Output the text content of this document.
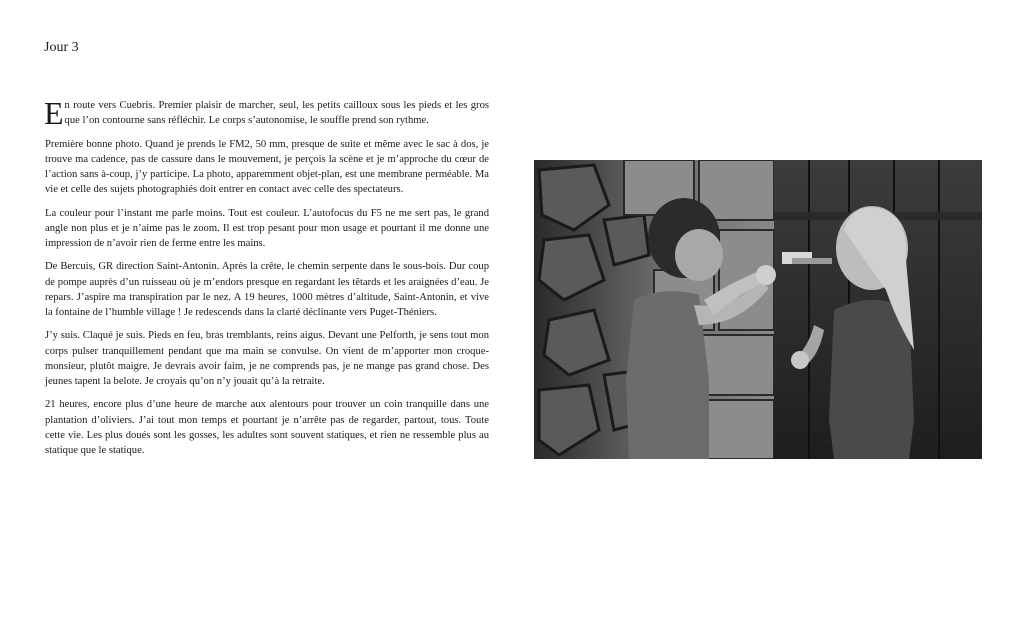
Jour 3

En route vers Cuebris. Premier plaisir de marcher, seul, les petits cailloux sous les pieds et les gros que l’on contourne sans réfléchir. Le corps s’autonomise, le souffle prend son rythme.

Première bonne photo. Quand je prends le FM2, 50 mm, presque de suite et même avec le sac à dos, je trouve ma cadence, pas de cassure dans le mouvement, je perçois la scène et je m’approche du cœur de l’action sans à-coup, j’y participe. La photo, apparemment objet-plan, est une membrane perméable. Ma vie et celle des sujets photographiés doit entrer en contact avec celle des spectateurs.

La couleur pour l’instant me parle moins. Tout est couleur. L’autofocus du F5 ne me sert pas, le grand angle non plus et je n’aime pas le zoom. Il est trop pesant pour mon usage et pourtant il me donne une impression de n’avoir rien de ferme entre les mains.

De Bercuis, GR direction Saint-Antonin. Après la crête, le chemin serpente dans le sous-bois. Dur coup de pompe auprès d’un ruisseau où je m’endors presque en regardant les têtards et les araignées d’eau. Je repars. J’aspire ma transpiration par le nez. A 19 heures, 1000 mètres d’altitude, Saint-Antonin, et vive la fontaine de l’humble village ! Je redescends dans la clarté déclinante vers Puget-Théniers.

J’y suis. Claqué je suis. Pieds en feu, bras tremblants, reins aigus. Devant une Pelforth, je sens tout mon corps pulser tranquillement pendant que ma main se convulse. On vient de m’apporter mon croque-monsieur, plutôt maigre. Je devrais avoir faim, je ne comprends pas, je ne mange pas grand chose. Des jeunes tapent la belote. Je croyais qu’on n’y jouait qu’à la retraite.

21 heures, encore plus d’une heure de marche aux alentours pour trouver un coin tranquille dans une plantation d’oliviers. J’ai tout mon temps et pourtant je n’arrête pas de regarder, partout, tous. Toute cette vie. Les plus doués sont les gosses, les adultes sont souvent statiques, et rien ne ressemble plus au statique que le statique.
